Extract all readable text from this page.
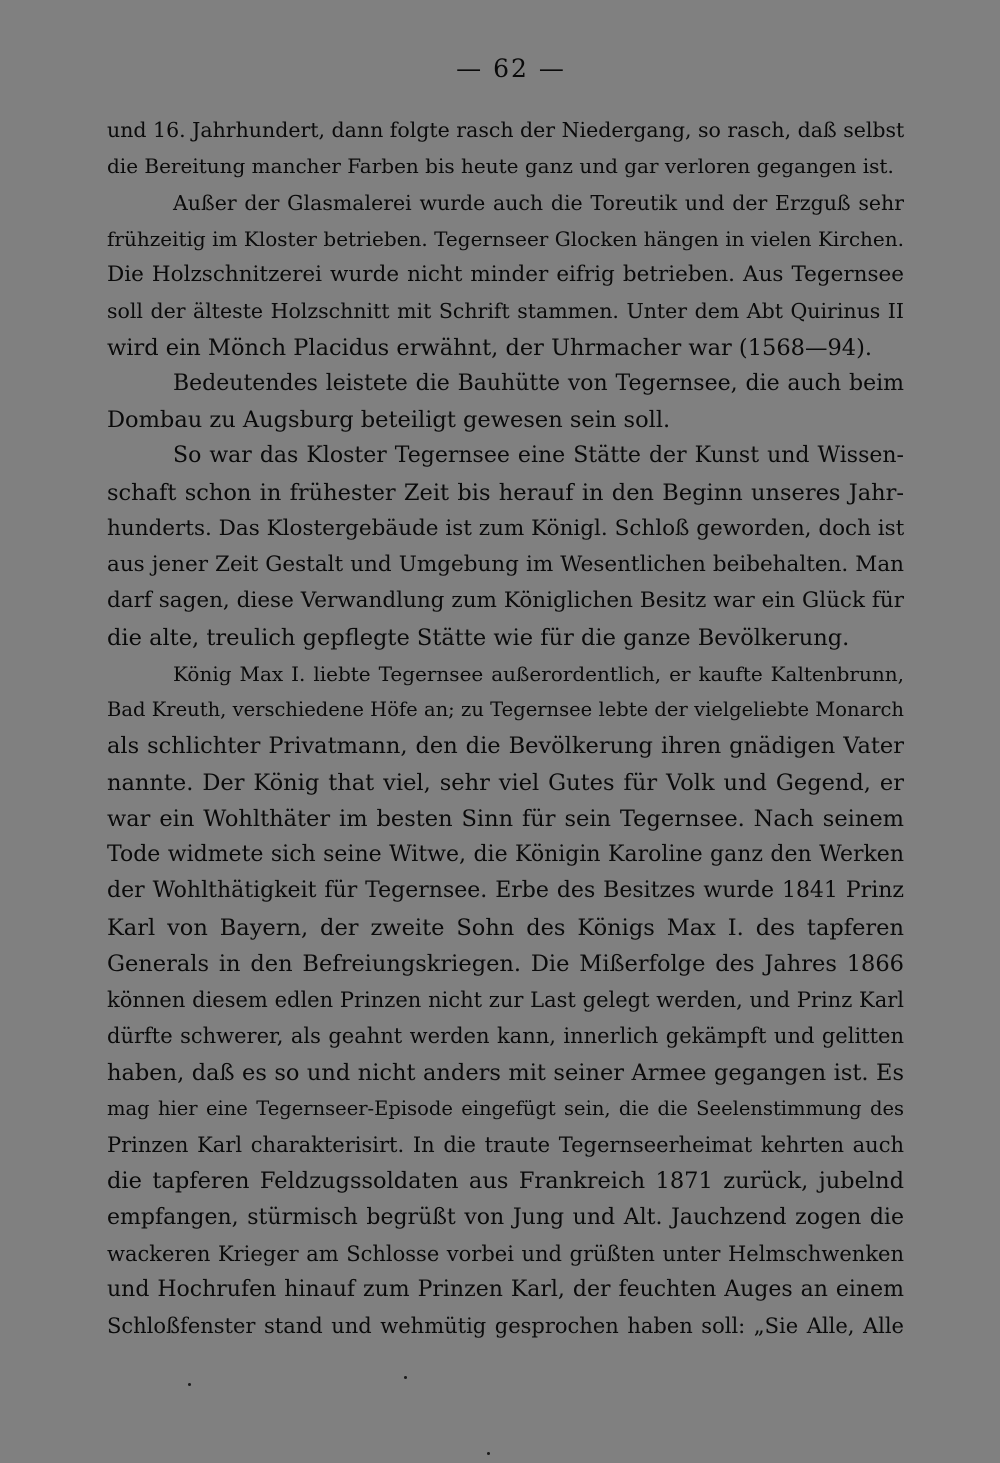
— 62 —
und 16. Jahrhundert, dann folgte rasch der Niedergang, so rasch, daß selbst
die Bereitung mancher Farben bis heute ganz und gar verloren gegangen ist.
Außer der Glasmalerei wurde auch die Toreutik und der Erzguß sehr
frühzeitig im Kloster betrieben. Tegernseer Glocken hängen in vielen Kirchen.
Die Holzschnitzerei wurde nicht minder eifrig betrieben. Aus Tegernsee
soll der älteste Holzschnitt mit Schrift stammen. Unter dem Abt Quirinus II
wird ein Mönch Placidus erwähnt, der Uhrmacher war (1568—94).
Bedeutendes leistete die Bauhütte von Tegernsee, die auch beim
Dombau zu Augsburg beteiligt gewesen sein soll.
So war das Kloster Tegernsee eine Stätte der Kunst und Wissen-
schaft schon in frühester Zeit bis herauf in den Beginn unseres Jahr-
hunderts. Das Klostergebäude ist zum Königl. Schloß geworden, doch ist
aus jener Zeit Gestalt und Umgebung im Wesentlichen beibehalten. Man
darf sagen, diese Verwandlung zum Königlichen Besitz war ein Glück für
die alte, treulich gepflegte Stätte wie für die ganze Bevölkerung.
König Max I. liebte Tegernsee außerordentlich, er kaufte Kaltenbrunn,
Bad Kreuth, verschiedene Höfe an; zu Tegernsee lebte der vielgeliebte Monarch
als schlichter Privatmann, den die Bevölkerung ihren gnädigen Vater
nannte. Der König that viel, sehr viel Gutes für Volk und Gegend, er
war ein Wohlthäter im besten Sinn für sein Tegernsee. Nach seinem
Tode widmete sich seine Witwe, die Königin Karoline ganz den Werken
der Wohlthätigkeit für Tegernsee. Erbe des Besitzes wurde 1841 Prinz
Karl von Bayern, der zweite Sohn des Königs Max I. des tapferen
Generals in den Befreiungskriegen. Die Mißerfolge des Jahres 1866
können diesem edlen Prinzen nicht zur Last gelegt werden, und Prinz Karl
dürfte schwerer, als geahnt werden kann, innerlich gekämpft und gelitten
haben, daß es so und nicht anders mit seiner Armee gegangen ist. Es
mag hier eine Tegernseer-Episode eingefügt sein, die die Seelenstimmung des
Prinzen Karl charakterisirt. In die traute Tegernseerheimat kehrten auch
die tapferen Feldzugssoldaten aus Frankreich 1871 zurück, jubelnd
empfangen, stürmisch begrüßt von Jung und Alt. Jauchzend zogen die
wackeren Krieger am Schlosse vorbei und grüßten unter Helmschwenken
und Hochrufen hinauf zum Prinzen Karl, der feuchten Auges an einem
Schloßfenster stand und wehmütig gesprochen haben soll: „Sie Alle, Alle
